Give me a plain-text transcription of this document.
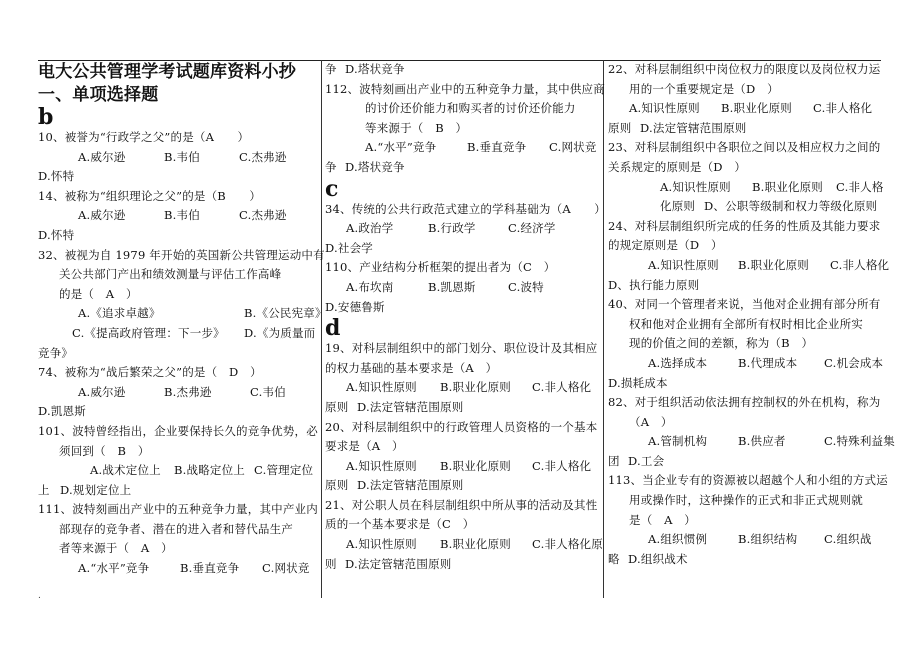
电大公共管理学考试题库资料小抄
一、单项选择题
b
10、被誉为“行政学之父”的是（A　　）
A.威尔逊	B.韦伯	C.杰弗逊
D.怀特
14、被称为“组织理论之父”的是（B　　）
A.威尔逊	B.韦伯	C.杰弗逊
D.怀特
32、被视为自 1979 年开始的英国新公共管理运动中有
关公共部门产出和绩效测量与评估工作高峰
的是（　A　）
A.《追求卓越》	B.《公民宪章》
C.《提高政府管理：下一步》 D.《为质量而
竞争》
74、被称为“战后繁荣之父”的是（　D　）
A.威尔逊	B.杰弗逊	C.韦伯
D.凯恩斯
101、波特曾经指出，企业要保持长久的竞争优势，必
须回到（　B　）
A.战术定位上 B.战略定位上 C.管理定位
上 D.规划定位上
111、波特刻画出产业中的五种竞争力量，其中产业内
部现存的竞争者、潜在的进入者和替代品生产
者等来源于（　A　）
A.“水平”竞争	B.垂直竞争 C.网状竞
争 D.塔状竞争
112、波特刻画出产业中的五种竞争力量，其中供应商
的讨价还价能力和购买者的讨价还价能力
等来源于（　B　）
A.“水平”竞争	B.垂直竞争 C.网状竞
争 D.塔状竞争
c
34、传统的公共行政范式建立的学科基础为（A　　）
A.政治学	B.行政学	C.经济学
D.社会学
110、产业结构分析框架的提出者为（C　）
A.布坎南	B.凯恩斯	C.波特
D.安德鲁斯
d
19、对科层制组织中的部门划分、职位设计及其相应
的权力基础的基本要求是（A　）
A.知识性原则 B.职业化原则 C.非人格化
原则 D.法定管辖范围原则
20、对科层制组织中的行政管理人员资格的一个基本
要求是（A　）
A.知识性原则 B.职业化原则 C.非人格化
原则 D.法定管辖范围原则
21、对公职人员在科层制组织中所从事的活动及其性
质的一个基本要求是（C　）
A.知识性原则 B.职业化原则 C.非人格化原
则 D.法定管辖范围原则
22、对科层制组织中岗位权力的限度以及岗位权力运
用的一个重要规定是（D　）
A.知识性原则 B.职业化原则 C.非人格化
原则 D.法定管辖范围原则
23、对科层制组织中各职位之间以及相应权力之间的
关系规定的原则是（D　）
A.知识性原则 B.职业化原则 C.非人格
化原则 D、公职等级制和权力等级化原则
24、对科层制组织所完成的任务的性质及其能力要求
的规定原则是（D　）
A.知识性原则 B.职业化原则 C.非人格化
D、执行能力原则
40、对同一个管理者来说，当他对企业拥有部分所有
权和他对企业拥有全部所有权时相比企业所实
现的价值之间的差额，称为（B　）
A.选择成本	B.代理成本 C.机会成本
D.损耗成本
82、对于组织活动依法拥有控制权的外在机构，称为
（A　）
A.管制机构	B.供应者	C.特殊利益集
团 D.工会
113、当企业专有的资源被以超越个人和小组的方式运
用或操作时，这种操作的正式和非正式规则就
是（　A　）
A.组织惯例	B.组织结构 C.组织战
略 D.组织战术
.
